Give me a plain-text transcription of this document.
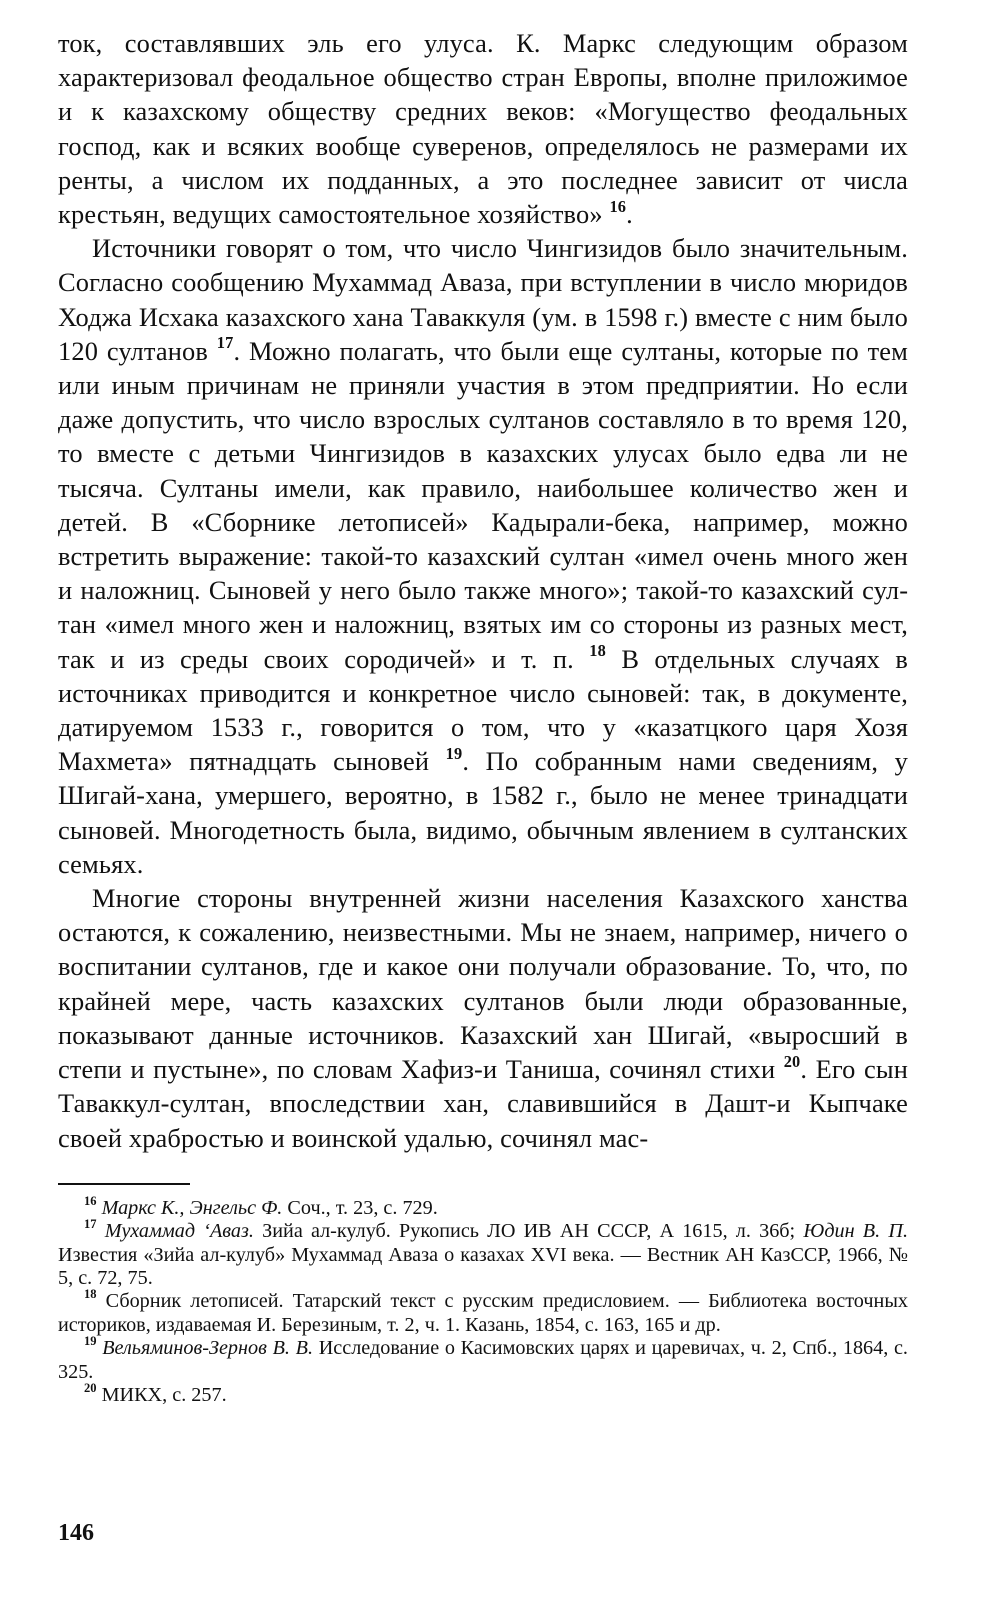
ток, составлявших эль его улуса. К. Маркс следующим образом характеризовал феодальное общество стран Европы, вполне приложимое и к казахскому обществу средних веков: «Могущество феодальных господ, как и всяких вообще суверенов, определялось не размерами их ренты, а числом их подданных, а это последнее зависит от числа крестьян, ведущих самостоятельное хозяйство» $^{16}$.

Источники говорят о том, что число Чингизидов было значительным. Согласно сообщению Мухаммад Аваза, при вступлении в число мюридов Ходжа Исхака казахского хана Таваккуля (ум. в 1598 г.) вместе с ним было 120 султанов $^{17}$. Можно полагать, что были еще султаны, которые по тем или иным причинам не приняли участия в этом предприятии. Но если даже допустить, что число взрослых султанов составляло в то время 120, то вместе с детьми Чингизидов в казахских улусах было едва ли не тысяча. Султаны имели, как правило, наибольшее количество жен и детей. В «Сборнике летописей» Кадырали-бека, например, можно встретить выражение: такой-то казахский султан «имел очень много жен и наложниц. Сыновей у него было также много»; такой-то казахский султан «имел много жен и наложниц, взятых им со стороны из разных мест, так и из среды своих сородичей» и т. п. $^{18}$ В отдельных случаях в источниках приводится и конкретное число сыновей: так, в документе, датируемом 1533 г., говорится о том, что у «казатцкого царя Хозя Махмета» пятнадцать сыновей $^{19}$. По собранным нами сведениям, у Шигай-хана, умершего, вероятно, в 1582 г., было не менее тринадцати сыновей. Многодетность была, видимо, обычным явлением в султанских семьях.

Многие стороны внутренней жизни населения Казахского ханства остаются, к сожалению, неизвестными. Мы не знаем, например, ничего о воспитании султанов, где и какое они получали образование. То, что, по крайней мере, часть казахских султанов были люди образованные, показывают данные источников. Казахский хан Шигай, «выросший в степи и пустыне», по словам Хафиз-и Таниша, сочинял стихи $^{20}$. Его сын Таваккул-султан, впоследствии хан, славившийся в Дашт-и Кыпчаке своей храбростью и воинской удалью, сочинял мас-

$^{16}$ Маркс К., Энгельс Ф. Соч., т. 23, с. 729.

$^{17}$ Мухаммад ‘Аваз. Зийа ал-кулуб. Рукопись ЛО ИВ АН СССР, А 1615, л. 36б; Юдин В. П. Известия «Зийа ал-кулуб» Мухаммад Аваза о казахах XVI века. — Вестник АН КазССР, 1966, № 5, с. 72, 75.

$^{18}$ Сборник летописей. Татарский текст с русским предисловием. — Библиотека восточных историков, издаваемая И. Березиным, т. 2, ч. 1. Казань, 1854, с. 163, 165 и др.

$^{19}$ Вельяминов-Зернов В. В. Исследование о Касимовских царях и царевичах, ч. 2, Спб., 1864, с. 325.

$^{20}$ МИКХ, с. 257.

146
